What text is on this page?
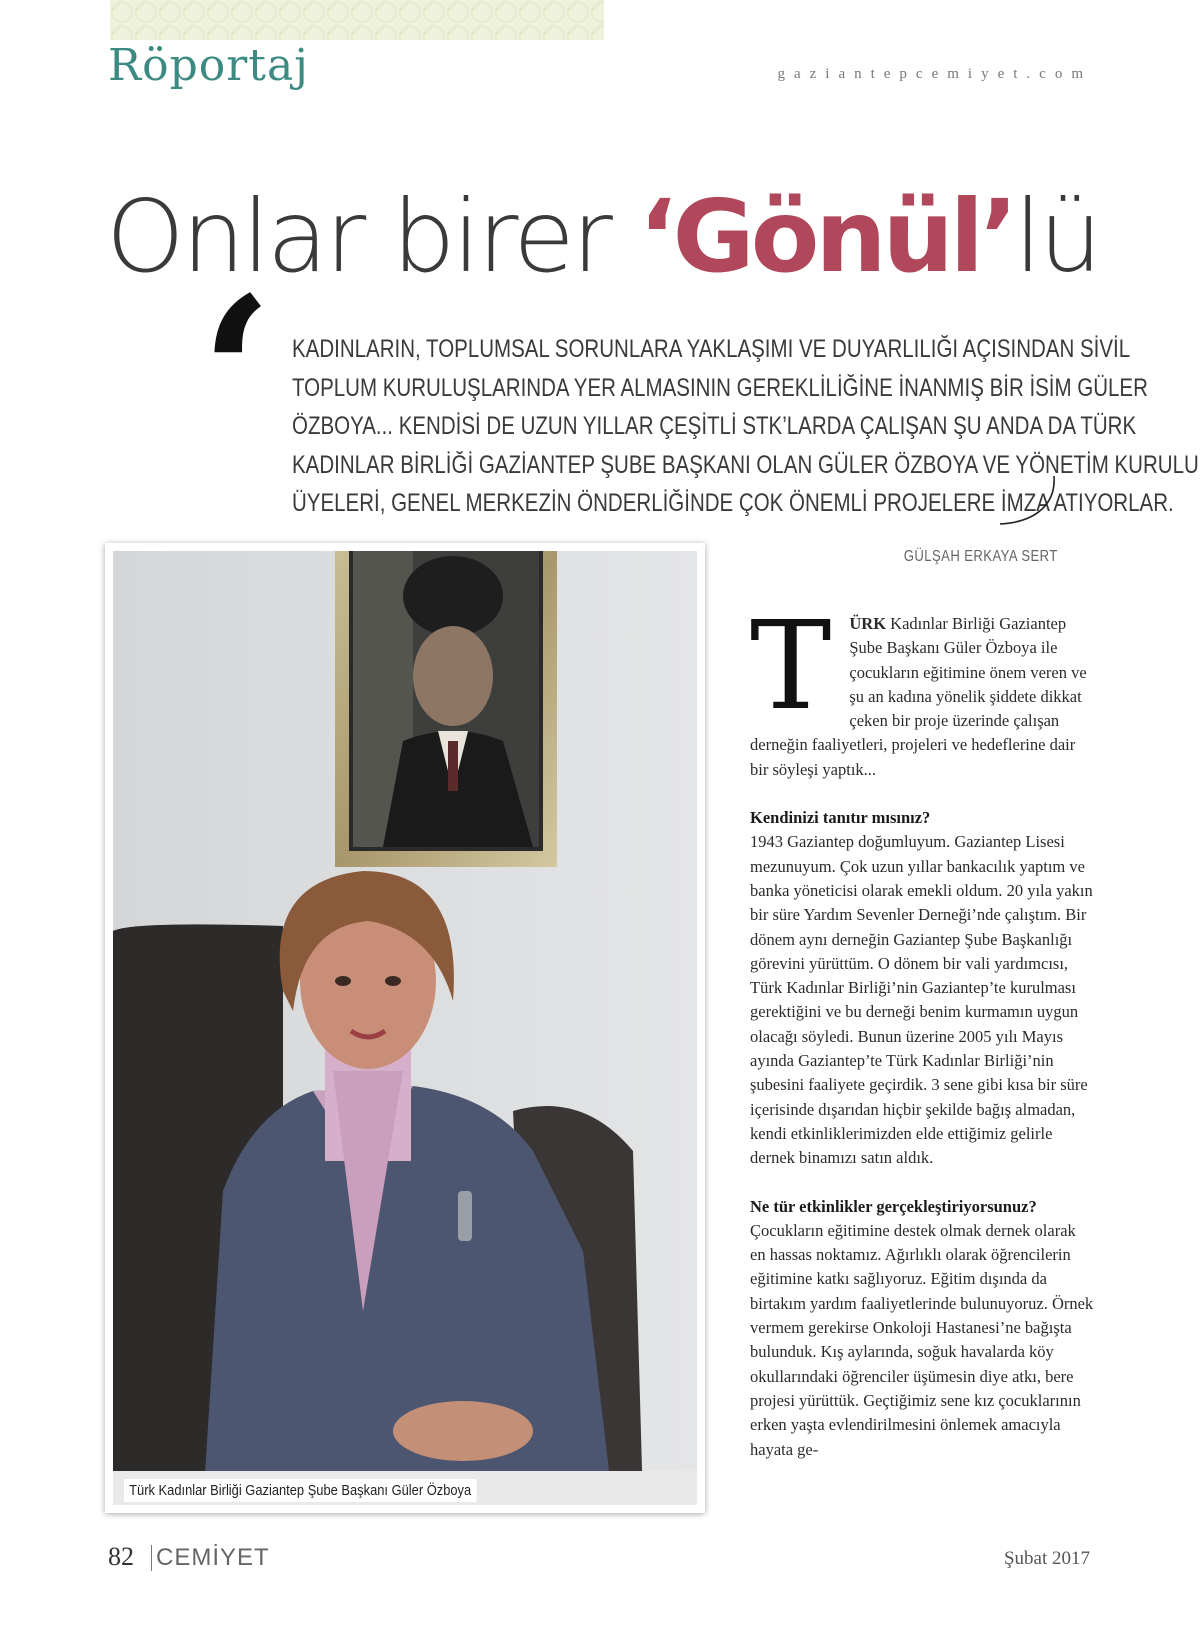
Röportaj	gaziantepcemiyet.com
Onlar birer ‘Gönül’lü
‘ KADINLARIN, TOPLUMSAL SORUNLARA YAKLAŞIMI VE DUYARLILIĞI AÇISINDAN SİVİL
TOPLUM KURULUŞLARINDA YER ALMASININ GEREKLİLİĞİNE İNANMIŞ BİR İSİM GÜLER
ÖZBOYA... KENDİSİ DE UZUN YILLAR ÇEŞİTLİ STK’LARDA ÇALIŞAN ŞU ANDA DA TÜRK
KADINLAR BİRLİĞİ GAZİANTEP ŞUBE BAŞKANI OLAN GÜLER ÖZBOYA VE YÖNETİM KURULU
ÜYELERİ, GENEL MERKEZİN ÖNDERLİĞİNDE ÇOK ÖNEMLİ PROJELERE İMZA ATIYORLAR.
GÜLŞAH ERKAYA SERT
Türk Kadınlar Birliği Gaziantep Şube Başkanı Güler Özboya
T	ÜRK Kadınlar Birliği Gaziantep Şube Başkanı Güler Özboya ile çocukların eğitimine önem veren ve şu an kadına yönelik şiddete dikkat çeken bir proje üzerinde çalışan derneğin faaliyetleri, projeleri ve hedeflerine dair bir söyleşi yaptık...

Kendinizi tanıtır mısınız?

1943 Gaziantep doğumluyum. Gaziantep Lisesi mezunuyum. Çok uzun yıllar bankacılık yaptım ve banka yöneticisi olarak emekli oldum. 20 yıla yakın bir süre Yardım Sevenler Derneği’nde çalıştım. Bir dönem aynı derneğin Gaziantep Şube Başkanlığı görevini yürüttüm. O dönem bir vali yardımcısı, Türk Kadınlar Birliği’nin Gaziantep’te kurulması gerektiğini ve bu derneği benim kurmamın uygun olacağı söyledi. Bunun üzerine 2005 yılı Mayıs ayında Gaziantep’te Türk Kadınlar Birliği’nin şubesini faaliyete geçirdik. 3 sene gibi kısa bir süre içerisinde dışarıdan hiçbir şekilde bağış almadan, kendi etkinliklerimizden elde ettiğimiz gelirle dernek binamızı satın aldık.

Ne tür etkinlikler gerçekleştiriyorsunuz?

Çocukların eğitimine destek olmak dernek olarak en hassas noktamız. Ağırlıklı olarak öğrencilerin eğitimine katkı sağlıyoruz. Eğitim dışında da birtakım yardım faaliyetlerinde bulunuyoruz. Örnek vermem gerekirse Onkoloji Hastanesi’ne bağışta bulunduk. Kış aylarında, soğuk havalarda köy okullarındaki öğrenciler üşümesin diye atkı, bere projesi yürüttük. Geçtiğimiz sene kız çocuklarının erken yaşta evlendirilmesini önlemek amacıyla hayata ge-

82 CEMİYET	Şubat 2017
